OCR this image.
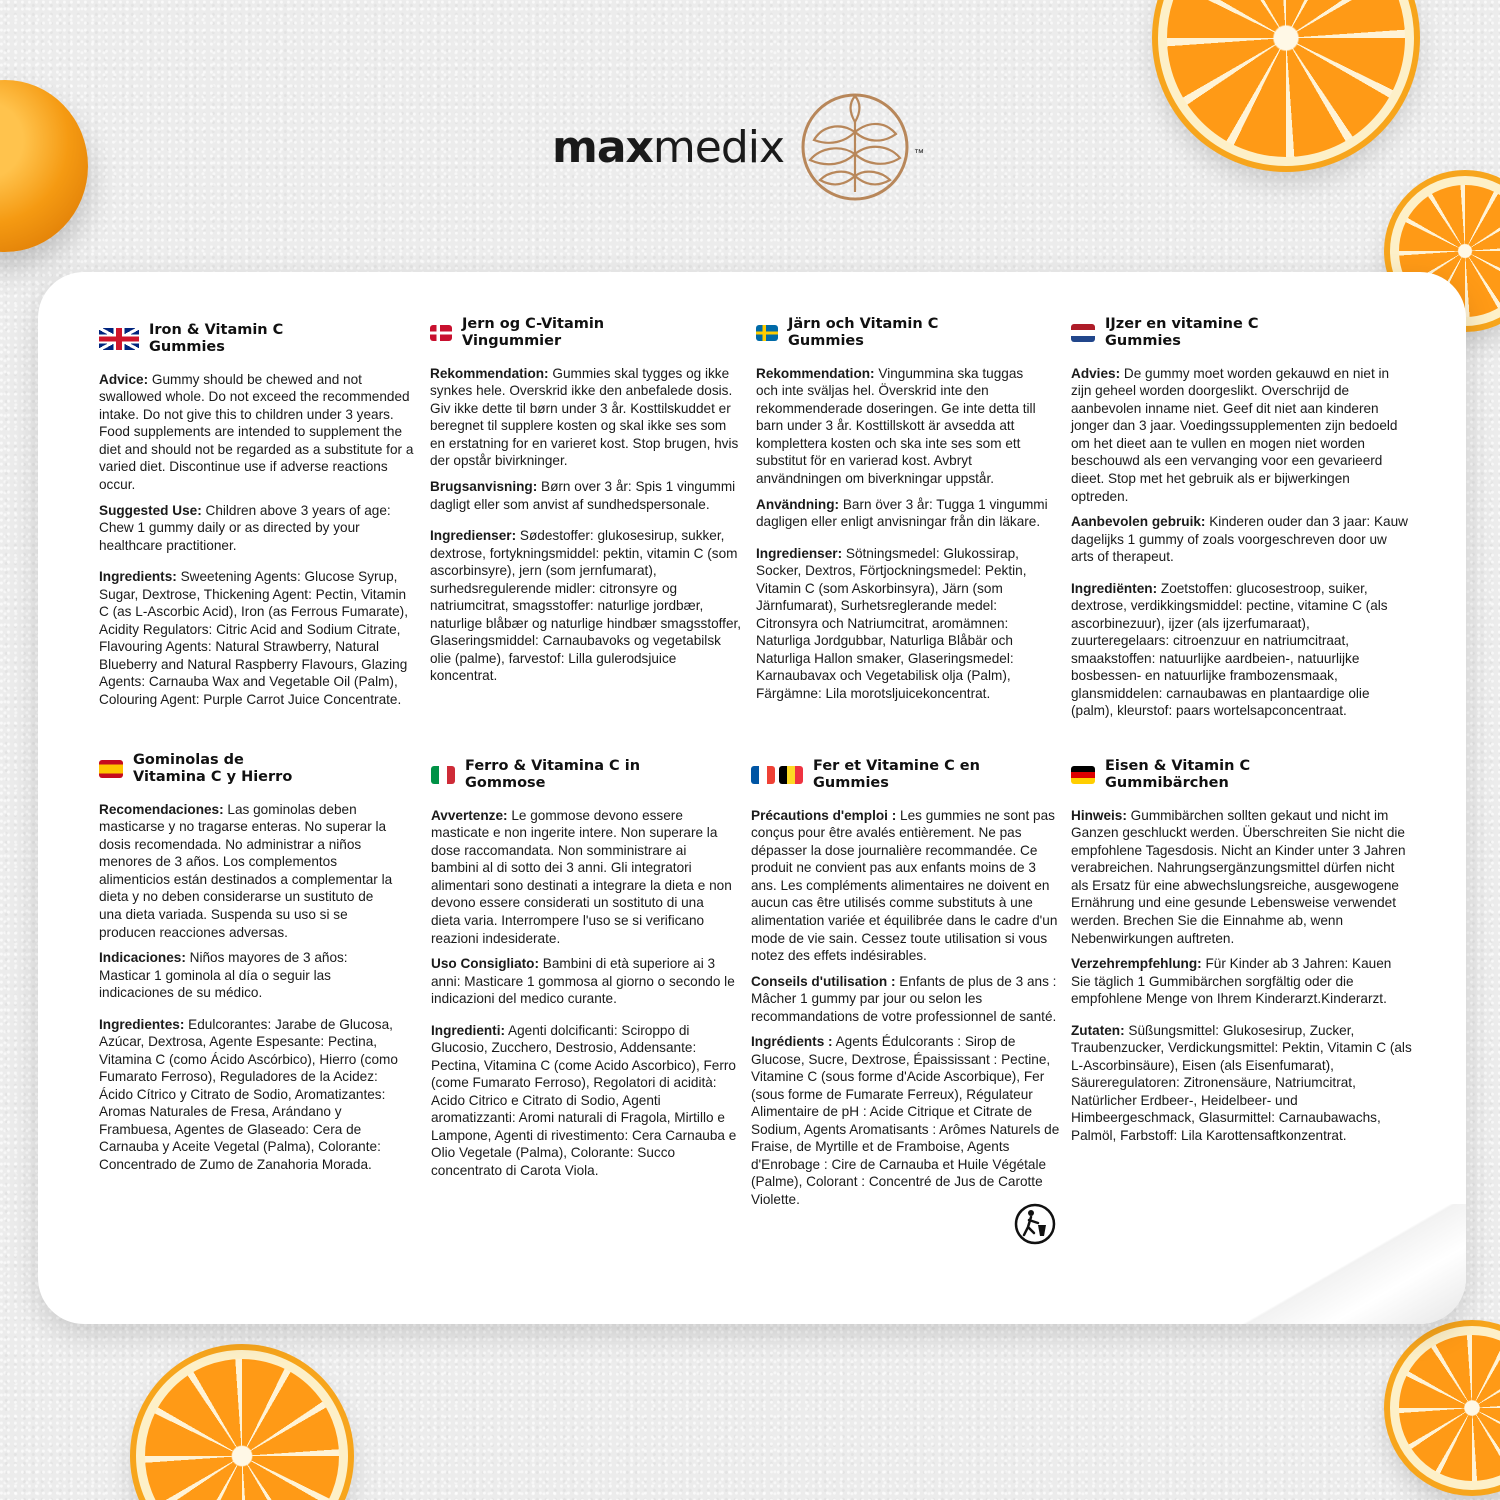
maxmedix	™
Iron & Vitamin C
Gummies

Advice: Gummy should be chewed and not swallowed whole. Do not exceed the recommended intake. Do not give this to children under 3 years. Food supplements are intended to supplement the diet and should not be regarded as a substitute for a varied diet. Discontinue use if adverse reactions occur.

Suggested Use: Children above 3 years of age: Chew 1 gummy daily or as directed by your healthcare practitioner.

Ingredients: Sweetening Agents: Glucose Syrup, Sugar, Dextrose, Thickening Agent: Pectin, Vitamin C (as L-Ascorbic Acid), Iron (as Ferrous Fumarate), Acidity Regulators: Citric Acid and Sodium Citrate, Flavouring Agents: Natural Strawberry, Natural Blueberry and Natural Raspberry Flavours, Glazing Agents: Carnauba Wax and Vegetable Oil (Palm), Colouring Agent: Purple Carrot Juice Concentrate.

Jern og C-Vitamin
Vingummier

Rekommendation: Gummies skal tygges og ikke synkes hele. Overskrid ikke den anbefalede dosis. Giv ikke dette til børn under 3 år. Kosttilskuddet er beregnet til supplere kosten og skal ikke ses som en erstatning for en varieret kost. Stop brugen, hvis der opstår bivirkninger.

Brugsanvisning: Børn over 3 år: Spis 1 vingummi dagligt eller som anvist af sundhedspersonale.

Ingredienser: Sødestoffer: glukosesirup, sukker, dextrose, fortykningsmiddel: pektin, vitamin C (som ascorbinsyre), jern (som jernfumarat), surhedsregulerende midler: citronsyre og natriumcitrat, smagsstoffer: naturlige jordbær, naturlige blåbær og naturlige hindbær smagsstoffer, Glaseringsmiddel: Carnaubavoks og vegetabilsk olie (palme), farvestof: Lilla gulerodsjuice koncentrat.

Järn och Vitamin C
Gummies

Rekommendation: Vingummina ska tuggas och inte sväljas hel. Överskrid inte den rekommenderade doseringen. Ge inte detta till barn under 3 år. Kosttillskott är avsedda att komplettera kosten och ska inte ses som ett substitut för en varierad kost. Avbryt användningen om biverkningar uppstår.

Användning: Barn över 3 år: Tugga 1 vingummi dagligen eller enligt anvisningar från din läkare.

Ingredienser: Sötningsmedel: Glukossirap, Socker, Dextros, Förtjockningsmedel: Pektin, Vitamin C (som Askorbinsyra), Järn (som Järnfumarat), Surhetsreglerande medel: Citronsyra och Natriumcitrat, aromämnen: Naturliga Jordgubbar, Naturliga Blåbär och Naturliga Hallon smaker, Glaseringsmedel: Karnaubavax och Vegetabilisk olja (Palm), Färgämne: Lila morotsljuicekoncentrat.

IJzer en vitamine C
Gummies

Advies: De gummy moet worden gekauwd en niet in zijn geheel worden doorgeslikt. Overschrijd de aanbevolen inname niet. Geef dit niet aan kinderen jonger dan 3 jaar. Voedingssupplementen zijn bedoeld om het dieet aan te vullen en mogen niet worden beschouwd als een vervanging voor een gevarieerd dieet. Stop met het gebruik als er bijwerkingen optreden.

Aanbevolen gebruik: Kinderen ouder dan 3 jaar: Kauw dagelijks 1 gummy of zoals voorgeschreven door uw arts of therapeut.

Ingrediënten: Zoetstoffen: glucosestroop, suiker, dextrose, verdikkingsmiddel: pectine, vitamine C (als ascorbinezuur), ijzer (als ijzerfumaraat), zuurteregelaars: citroenzuur en natriumcitraat, smaakstoffen: natuurlijke aardbeien-, natuurlijke bosbessen- en natuurlijke frambozensmaak, glansmiddelen: carnaubawas en plantaardige olie (palm), kleurstof: paars wortelsapconcentraat.

Gominolas de
Vitamina C y Hierro

Recomendaciones: Las gominolas deben masticarse y no tragarse enteras. No superar la dosis recomendada. No administrar a niños menores de 3 años. Los complementos alimenticios están destinados a complementar la dieta y no deben considerarse un sustituto de una dieta variada. Suspenda su uso si se producen reacciones adversas.

Indicaciones: Niños mayores de 3 años: Masticar 1 gominola al día o seguir las indicaciones de su médico.

Ingredientes: Edulcorantes: Jarabe de Glucosa, Azúcar, Dextrosa, Agente Espesante: Pectina, Vitamina C (como Ácido Ascórbico), Hierro (como Fumarato Ferroso), Reguladores de la Acidez: Ácido Cítrico y Citrato de Sodio, Aromatizantes: Aromas Naturales de Fresa, Arándano y Frambuesa, Agentes de Glaseado: Cera de Carnauba y Aceite Vegetal (Palma), Colorante: Concentrado de Zumo de Zanahoria Morada.

Ferro & Vitamina C in
Gommose

Avvertenze: Le gommose devono essere masticate e non ingerite intere. Non superare la dose raccomandata. Non somministrare ai bambini al di sotto dei 3 anni. Gli integratori alimentari sono destinati a integrare la dieta e non devono essere considerati un sostituto di una dieta varia. Interrompere l'uso se si verificano reazioni indesiderate.

Uso Consigliato: Bambini di età superiore ai 3 anni: Masticare 1 gommosa al giorno o secondo le indicazioni del medico curante.

Ingredienti: Agenti dolcificanti: Sciroppo di Glucosio, Zucchero, Destrosio, Addensante: Pectina, Vitamina C (come Acido Ascorbico), Ferro (come Fumarato Ferroso), Regolatori di acidità: Acido Citrico e Citrato di Sodio, Agenti aromatizzanti: Aromi naturali di Fragola, Mirtillo e Lampone, Agenti di rivestimento: Cera Carnauba e Olio Vegetale (Palma), Colorante: Succo concentrato di Carota Viola.

Fer et Vitamine C en
Gummies

Précautions d'emploi : Les gummies ne sont pas conçus pour être avalés entièrement. Ne pas dépasser la dose journalière recommandée. Ce produit ne convient pas aux enfants moins de 3 ans. Les compléments alimentaires ne doivent en aucun cas être utilisés comme substituts à une alimentation variée et équilibrée dans le cadre d'un mode de vie sain. Cessez toute utilisation si vous notez des effets indésirables.

Conseils d'utilisation : Enfants de plus de 3 ans : Mâcher 1 gummy par jour ou selon les recommandations de votre professionnel de santé.

Ingrédients : Agents Édulcorants : Sirop de Glucose, Sucre, Dextrose, Épaississant : Pectine, Vitamine C (sous forme d'Acide Ascorbique), Fer (sous forme de Fumarate Ferreux), Régulateur Alimentaire de pH : Acide Citrique et Citrate de Sodium, Agents Aromatisants : Arômes Naturels de Fraise, de Myrtille et de Framboise, Agents d'Enrobage : Cire de Carnauba et Huile Végétale (Palme), Colorant : Concentré de Jus de Carotte Violette.

Eisen & Vitamin C
Gummibärchen

Hinweis: Gummibärchen sollten gekaut und nicht im Ganzen geschluckt werden. Überschreiten Sie nicht die empfohlene Tagesdosis. Nicht an Kinder unter 3 Jahren verabreichen. Nahrungsergänzungsmittel dürfen nicht als Ersatz für eine abwechslungsreiche, ausgewogene Ernährung und eine gesunde Lebensweise verwendet werden. Brechen Sie die Einnahme ab, wenn Nebenwirkungen auftreten.

Verzehrempfehlung: Für Kinder ab 3 Jahren: Kauen Sie täglich 1 Gummibärchen sorgfältig oder die empfohlene Menge von Ihrem Kinderarzt.Kinderarzt.

Zutaten: Süßungsmittel: Glukosesirup, Zucker, Traubenzucker, Verdickungsmittel: Pektin, Vitamin C (als L-Ascorbinsäure), Eisen (als Eisenfumarat), Säureregulatoren: Zitronensäure, Natriumcitrat, Natürlicher Erdbeer-, Heidelbeer- und Himbeergeschmack, Glasurmittel: Carnaubawachs, Palmöl, Farbstoff: Lila Karottensaftkonzentrat.
